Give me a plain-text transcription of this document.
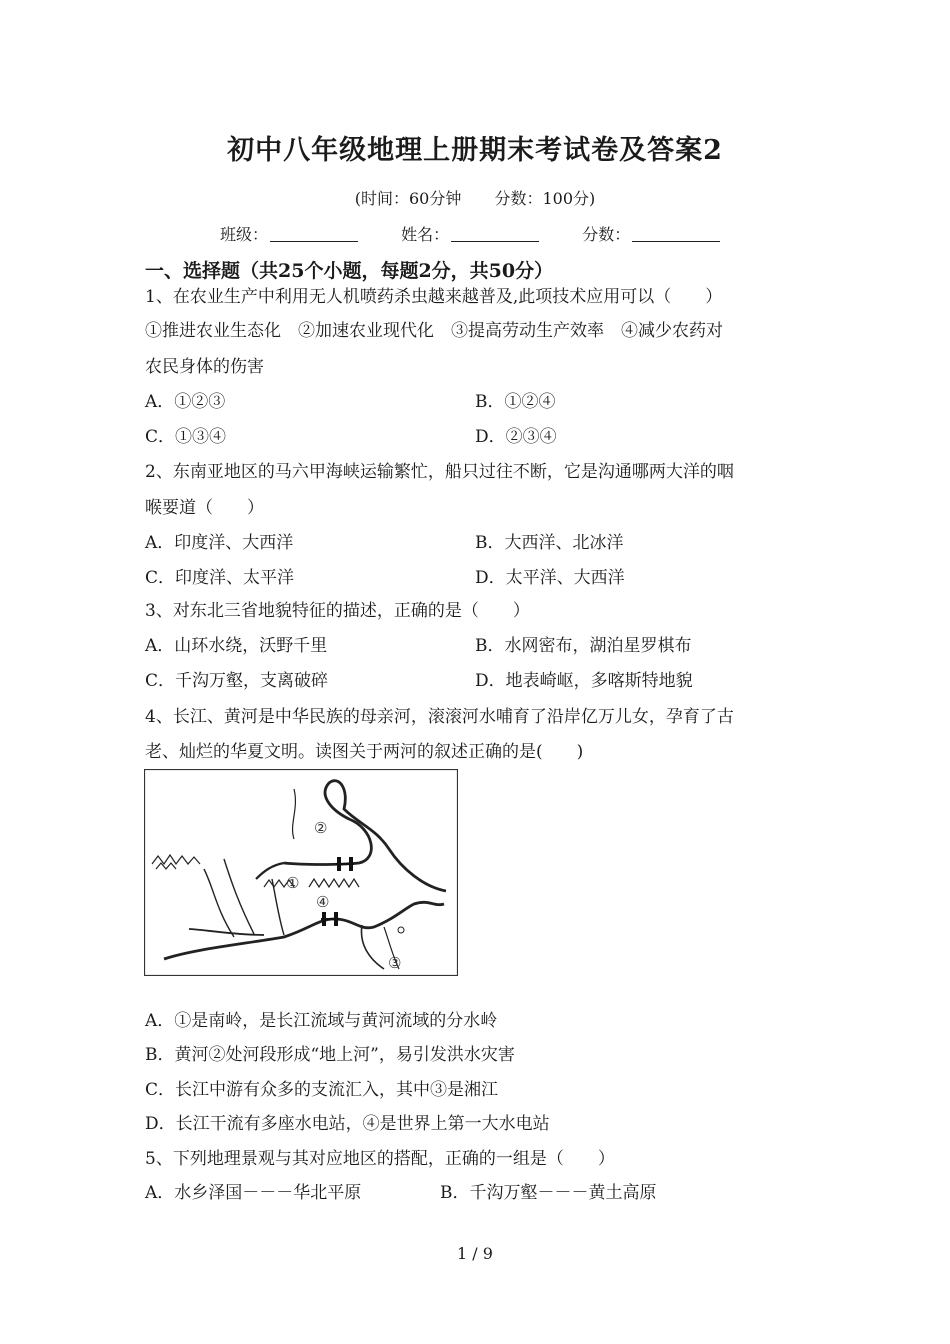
初中八年级地理上册期末考试卷及答案2
(时间：60分钟 分数：100分)
班级：	姓名：	分数：
一、选择题（共25个小题，每题2分，共50分）
1、在农业生产中利用无人机喷药杀虫越来越普及,此项技术应用可以（　　）
①推进农业生态化　②加速农业现代化　③提高劳动生产效率　④减少农药对
农民身体的伤害
A．①②③	B．①②④
C．①③④	D．②③④
2、东南亚地区的马六甲海峡运输繁忙，船只过往不断，它是沟通哪两大洋的咽
喉要道（　　）
A．印度洋、大西洋	B．大西洋、北冰洋
C．印度洋、太平洋	D．太平洋、大西洋
3、对东北三省地貌特征的描述，正确的是（　　）
A．山环水绕，沃野千里	B．水网密布，湖泊星罗棋布
C．千沟万壑，支离破碎	D．地表崎岖，多喀斯特地貌
4、长江、黄河是中华民族的母亲河，滚滚河水哺育了沿岸亿万儿女，孕育了古
老、灿烂的华夏文明。读图关于两河的叙述正确的是(　　)
②
①
④
③
A．①是南岭，是长江流域与黄河流域的分水岭
B．黄河②处河段形成“地上河”，易引发洪水灾害
C．长江中游有众多的支流汇入，其中③是湘江
D．长江干流有多座水电站，④是世界上第一大水电站
5、下列地理景观与其对应地区的搭配，正确的一组是（　　）
A．水乡泽国－－－华北平原	B．千沟万壑－－－黄土高原
1 / 9
